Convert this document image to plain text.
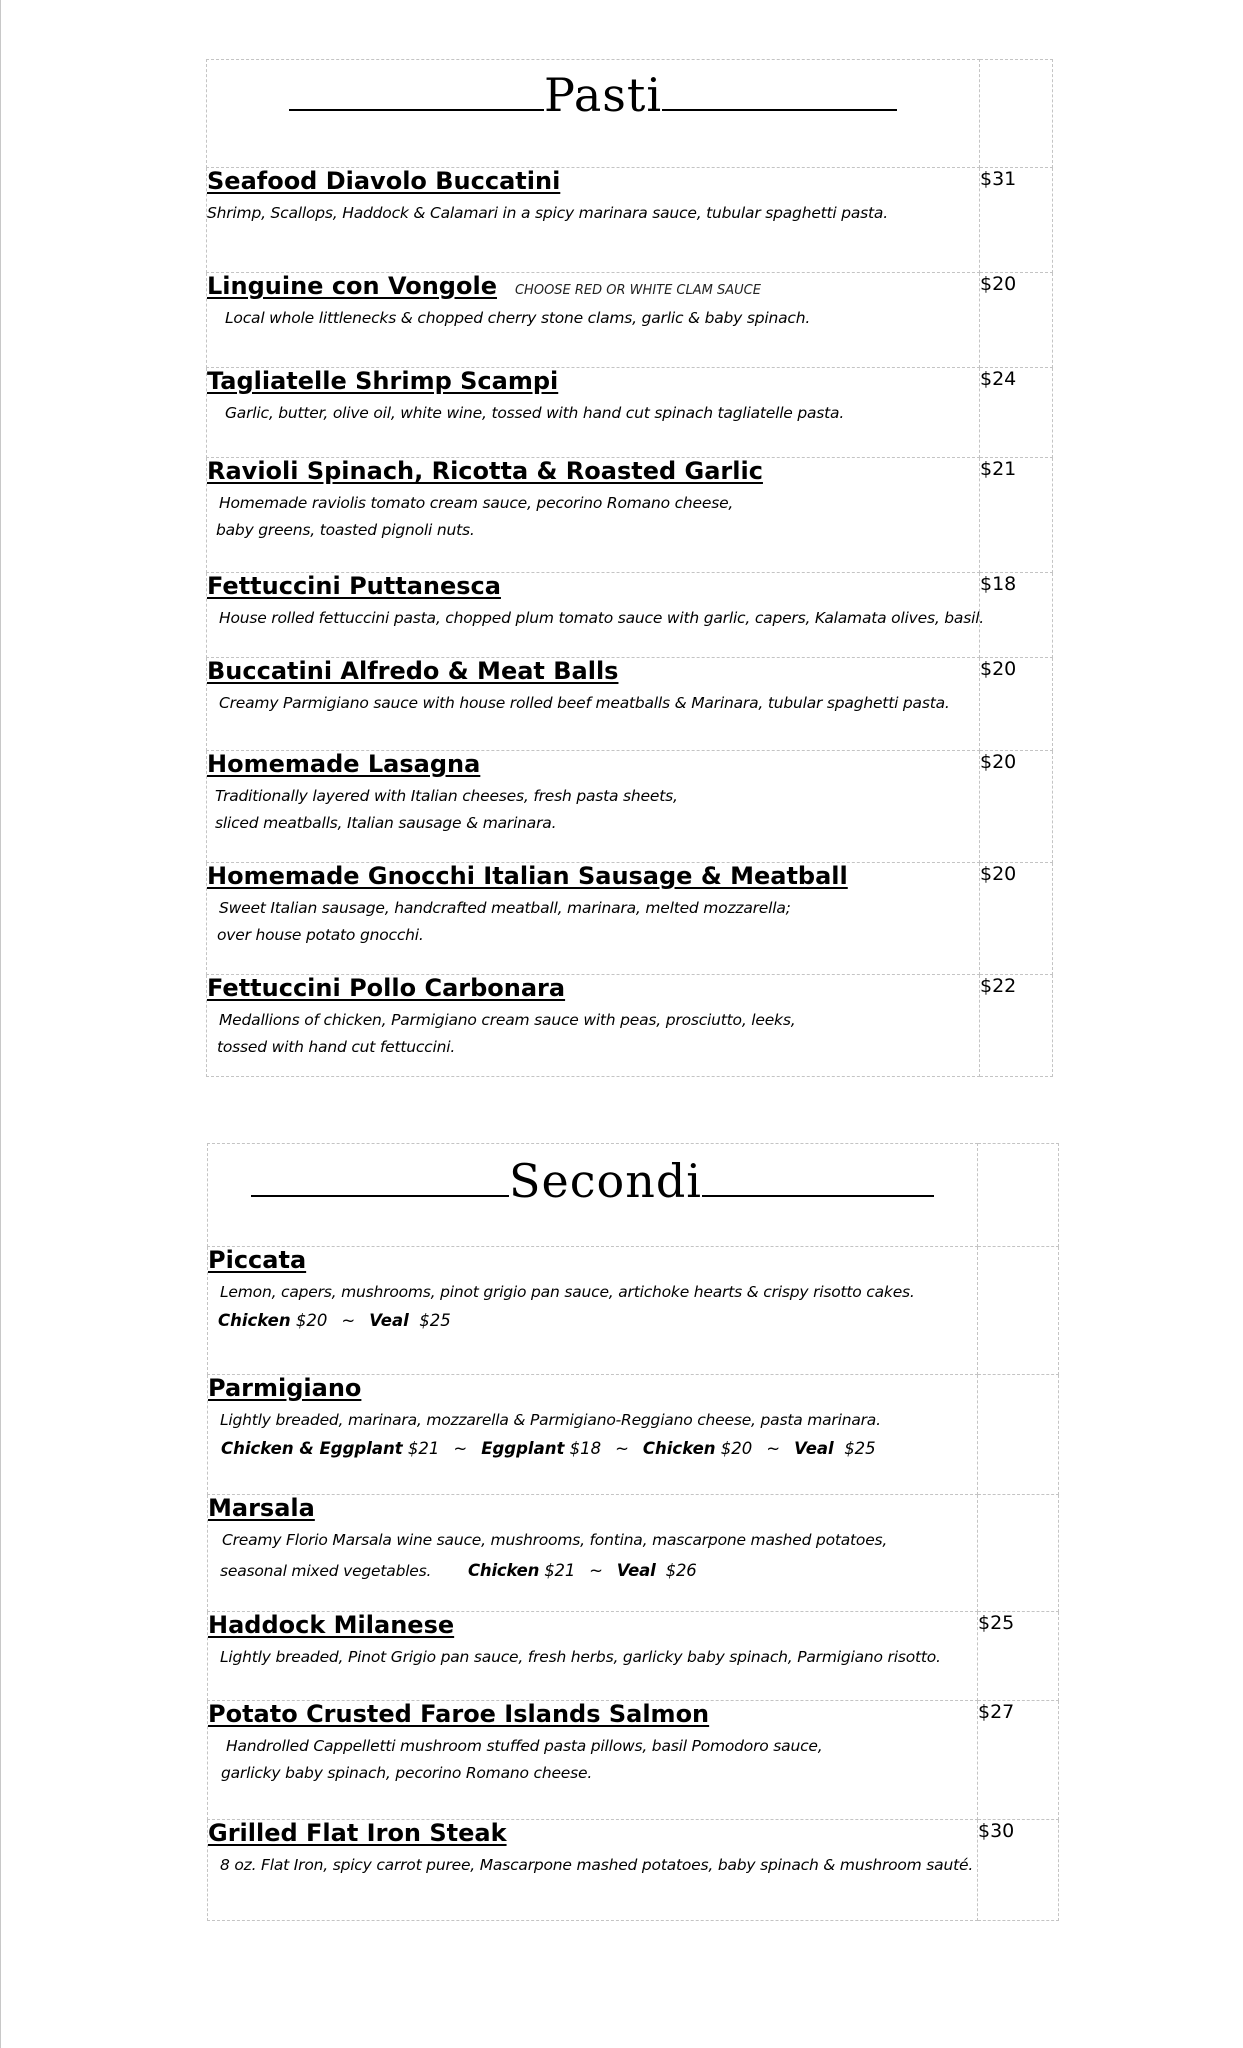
Pasti	

Seafood Diavolo Buccatini
Shrimp, Scallops, Haddock & Calamari in a spicy marinara sauce, tubular spaghetti pasta.	$31

Linguine con Vongole CHOOSE RED OR WHITE CLAM SAUCE
Local whole littlenecks & chopped cherry stone clams, garlic & baby spinach.	$20

Tagliatelle Shrimp Scampi
Garlic, butter, olive oil, white wine, tossed with hand cut spinach tagliatelle pasta.	$24

Ravioli Spinach, Ricotta & Roasted Garlic
Homemade raviolis tomato cream sauce, pecorino Romano cheese,
baby greens, toasted pignoli nuts.	$21

Fettuccini Puttanesca
House rolled fettuccini pasta, chopped plum tomato sauce with garlic, capers, Kalamata olives, basil.	$18

Buccatini Alfredo & Meat Balls
Creamy Parmigiano sauce with house rolled beef meatballs & Marinara, tubular spaghetti pasta.	$20

Homemade Lasagna
Traditionally layered with Italian cheeses, fresh pasta sheets,
sliced meatballs, Italian sausage & marinara.	$20

Homemade Gnocchi Italian Sausage & Meatball
Sweet Italian sausage, handcrafted meatball, marinara, melted mozzarella;
over house potato gnocchi.	$20

Fettuccini Pollo Carbonara
Medallions of chicken, Parmigiano cream sauce with peas, prosciutto, leeks,
tossed with hand cut fettuccini.	$22
Secondi	

Piccata
Lemon, capers, mushrooms, pinot grigio pan sauce, artichoke hearts & crispy risotto cakes.
Chicken $20 ~ Veal $25	

Parmigiano
Lightly breaded, marinara, mozzarella & Parmigiano-Reggiano cheese, pasta marinara.
Chicken & Eggplant $21 ~ Eggplant $18 ~ Chicken $20 ~ Veal $25	

Marsala
Creamy Florio Marsala wine sauce, mushrooms, fontina, mascarpone mashed potatoes,
seasonal mixed vegetables. Chicken $21 ~ Veal $26	

Haddock Milanese
Lightly breaded, Pinot Grigio pan sauce, fresh herbs, garlicky baby spinach, Parmigiano risotto.	$25

Potato Crusted Faroe Islands Salmon
Handrolled Cappelletti mushroom stuffed pasta pillows, basil Pomodoro sauce,
garlicky baby spinach, pecorino Romano cheese.	$27

Grilled Flat Iron Steak
8 oz. Flat Iron, spicy carrot puree, Mascarpone mashed potatoes, baby spinach & mushroom sauté.	$30
